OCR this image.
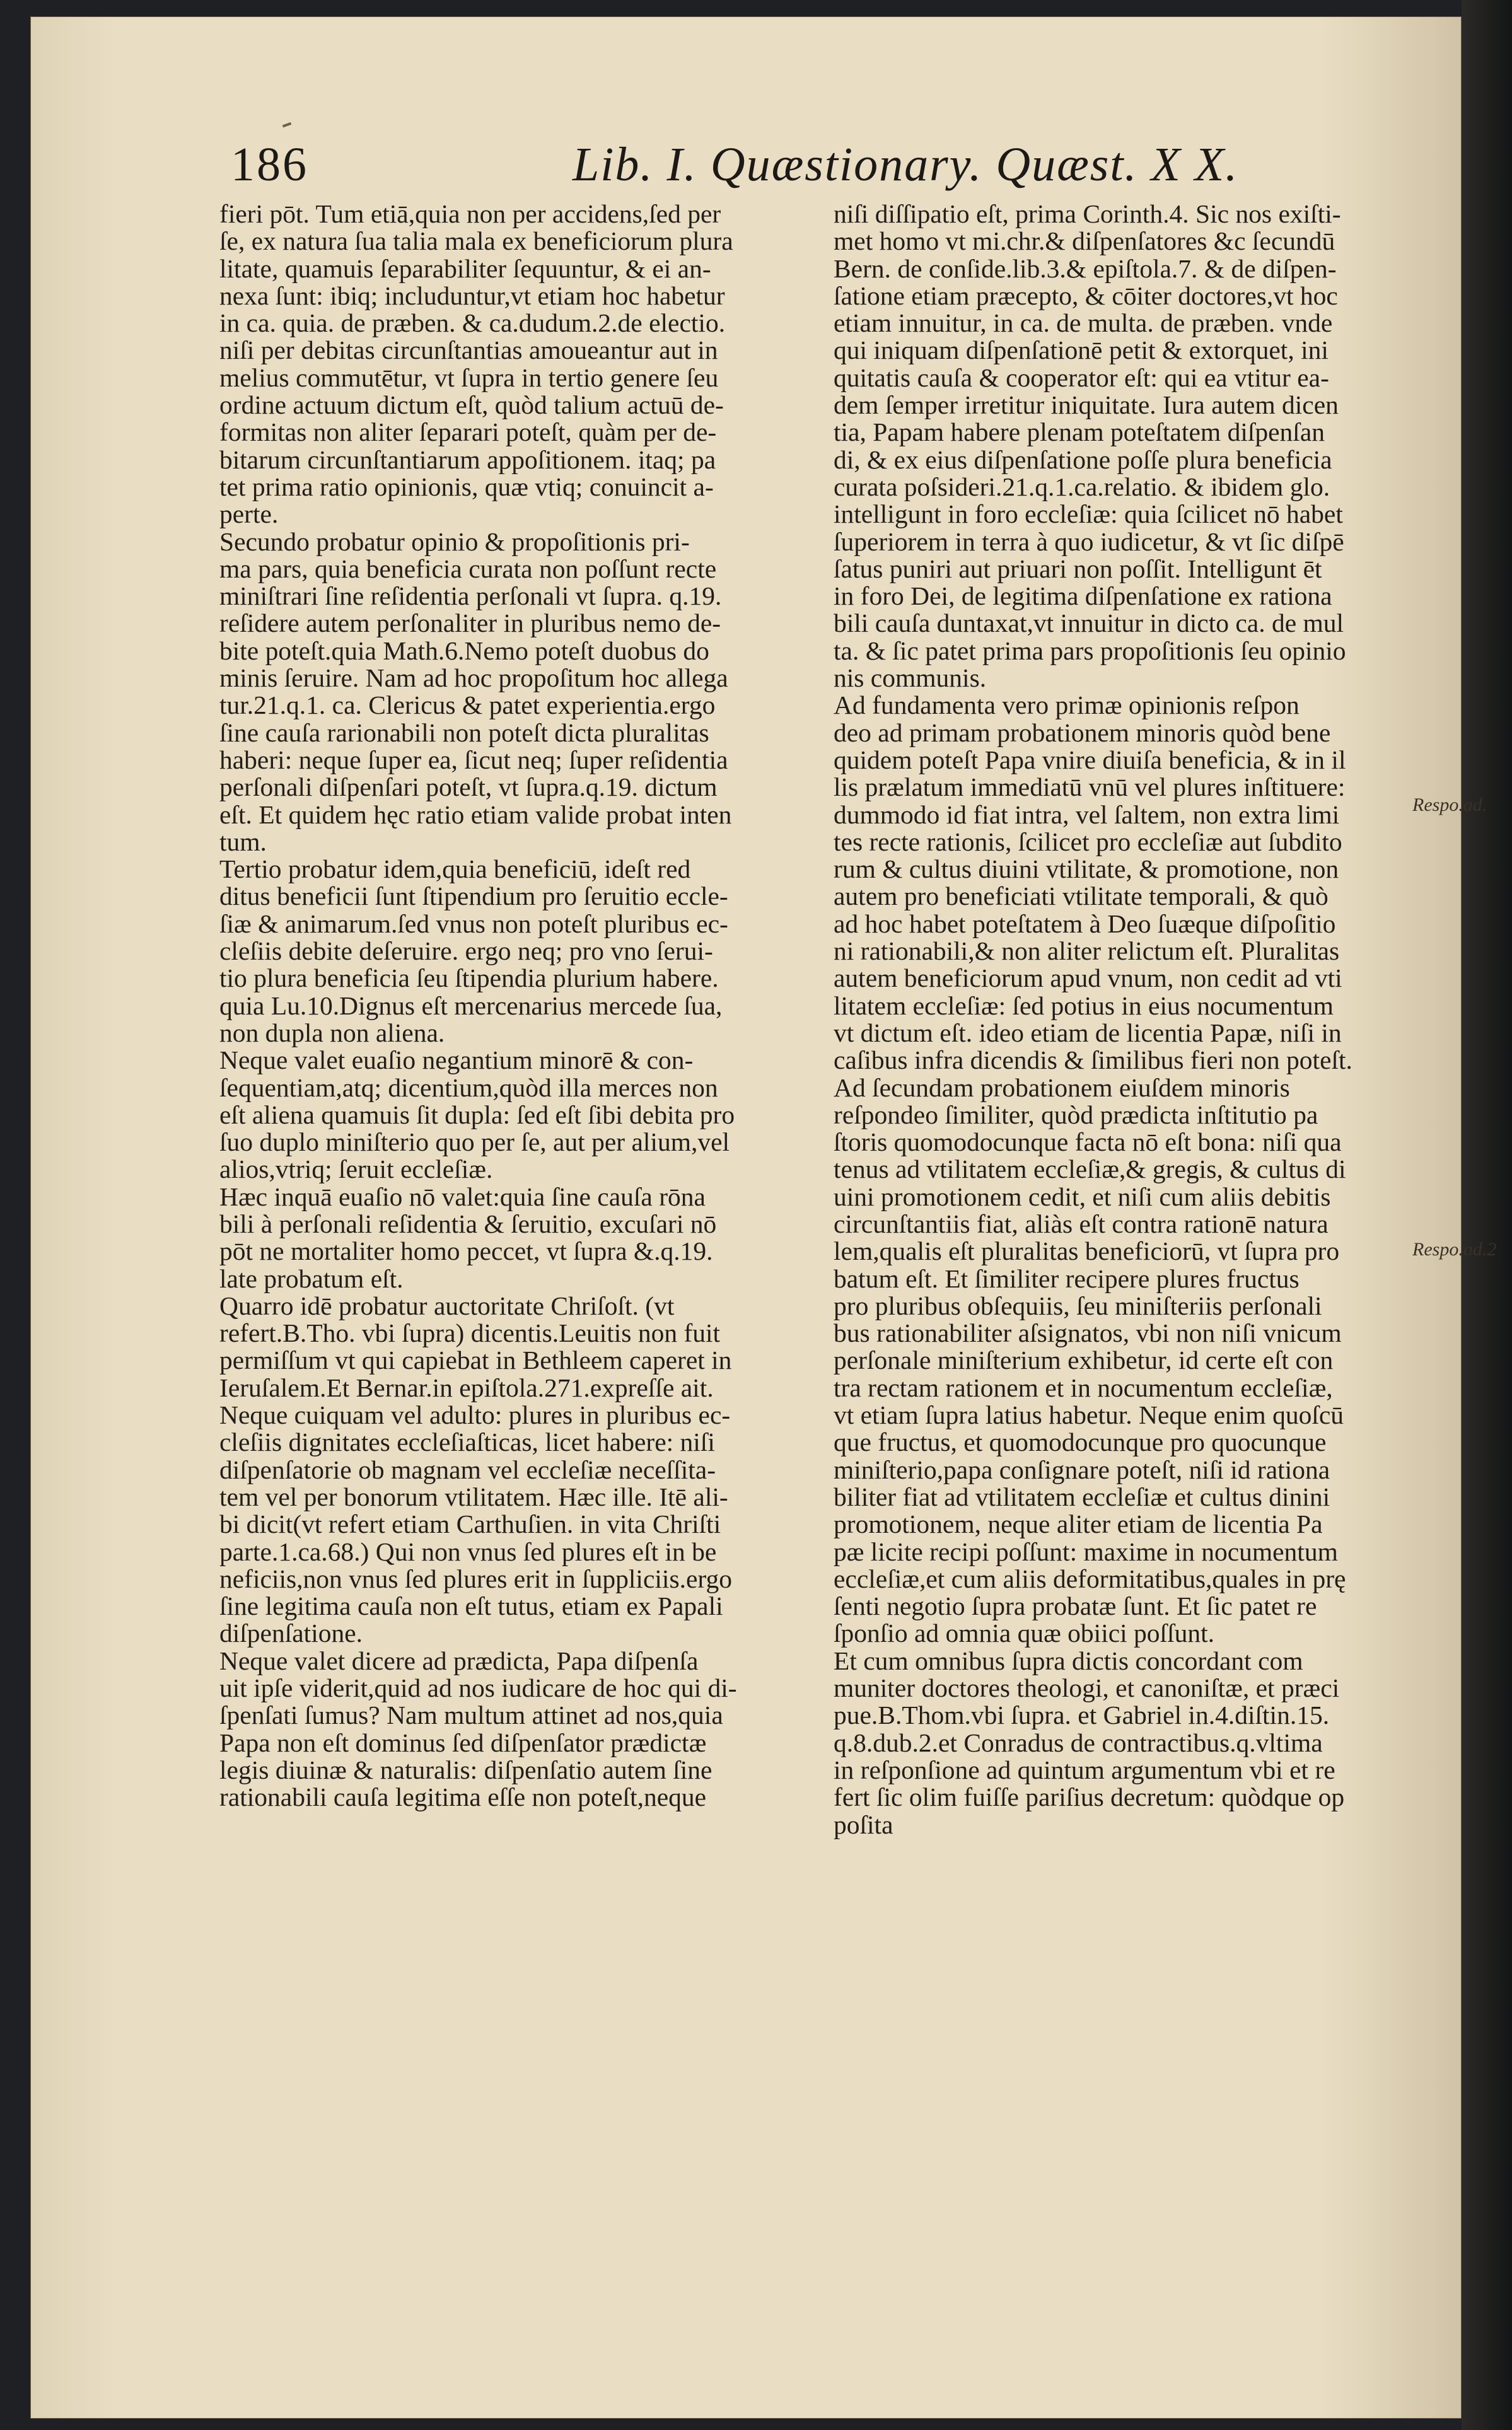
186	Lib. I. Quæstionary. Quæst. X X.
fieri pōt. Tum etiā,quia non per accidens,ſed per
ſe, ex natura ſua talia mala ex beneficiorum plura
litate, quamuis ſeparabiliter ſequuntur, & ei an-
nexa ſunt: ibiq; includuntur,vt etiam hoc habetur
in ca. quia. de præben. & ca.dudum.2.de electio.
niſi per debitas circunſtantias amoueantur aut in
melius commutētur, vt ſupra in tertio genere ſeu
ordine actuum dictum eſt, quòd talium actuū de-
formitas non aliter ſeparari poteſt, quàm per de-
bitarum circunſtantiarum appoſitionem. itaq; pa
tet prima ratio opinionis, quæ vtiq; conuincit a-
perte.
Secundo probatur opinio & propoſitionis pri-
ma pars, quia beneficia curata non poſſunt recte
miniſtrari ſine reſidentia perſonali vt ſupra. q.19.
reſidere autem perſonaliter in pluribus nemo de-
bite poteſt.quia Math.6.Nemo poteſt duobus do
minis ſeruire. Nam ad hoc propoſitum hoc allega
tur.21.q.1. ca. Clericus & patet experientia.ergo
ſine cauſa rarionabili non poteſt dicta pluralitas
haberi: neque ſuper ea, ſicut neq; ſuper reſidentia
perſonali diſpenſari poteſt, vt ſupra.q.19. dictum
eſt. Et quidem hęc ratio etiam valide probat inten
tum.
Tertio probatur idem,quia beneficiū, ideſt red
ditus beneficii ſunt ſtipendium pro ſeruitio eccle-
ſiæ & animarum.ſed vnus non poteſt pluribus ec-
cleſiis debite deſeruire. ergo neq; pro vno ſerui-
tio plura beneficia ſeu ſtipendia plurium habere.
quia Lu.10.Dignus eſt mercenarius mercede ſua,
non dupla non aliena.
Neque valet euaſio negantium minorē & con-
ſequentiam,atq; dicentium,quòd illa merces non
eſt aliena quamuis ſit dupla: ſed eſt ſibi debita pro
ſuo duplo miniſterio quo per ſe, aut per alium,vel
alios,vtriq; ſeruit eccleſiæ.
Hæc inquā euaſio nō valet:quia ſine cauſa rōna
bili à perſonali reſidentia & ſeruitio, excuſari nō
pōt ne mortaliter homo peccet, vt ſupra &.q.19.
late probatum eſt.
Quarro idē probatur auctoritate Chriſoſt. (vt
refert.B.Tho. vbi ſupra) dicentis.Leuitis non fuit
permiſſum vt qui capiebat in Bethleem caperet in
Ieruſalem.Et Bernar.in epiſtola.271.expreſſe ait.
Neque cuiquam vel adulto: plures in pluribus ec-
cleſiis dignitates eccleſiaſticas, licet habere: niſi
diſpenſatorie ob magnam vel eccleſiæ neceſſita-
tem vel per bonorum vtilitatem. Hæc ille. Itē ali-
bi dicit(vt refert etiam Carthuſien. in vita Chriſti
parte.1.ca.68.) Qui non vnus ſed plures eſt in be
neficiis,non vnus ſed plures erit in ſuppliciis.ergo
ſine legitima cauſa non eſt tutus, etiam ex Papali
diſpenſatione.
Neque valet dicere ad prædicta, Papa diſpenſa
uit ipſe viderit,quid ad nos iudicare de hoc qui di-
ſpenſati ſumus? Nam multum attinet ad nos,quia
Papa non eſt dominus ſed diſpenſator prædictæ
legis diuinæ & naturalis: diſpenſatio autem ſine
rationabili cauſa legitima eſſe non poteſt,neque
niſi diſſipatio eſt, prima Corinth.4. Sic nos exiſti-
met homo vt mi.chr.& diſpenſatores &c ſecundū
Bern. de conſide.lib.3.& epiſtola.7. & de diſpen-
ſatione etiam præcepto, & cōiter doctores,vt hoc
etiam innuitur, in ca. de multa. de præben. vnde
qui iniquam diſpenſationē petit & extorquet, ini
quitatis cauſa & cooperator eſt: qui ea vtitur ea-
dem ſemper irretitur iniquitate. Iura autem dicen
tia, Papam habere plenam poteſtatem diſpenſan
di, & ex eius diſpenſatione poſſe plura beneficia
curata poſsideri.21.q.1.ca.relatio. & ibidem glo.
intelligunt in foro eccleſiæ: quia ſcilicet nō habet
ſuperiorem in terra à quo iudicetur, & vt ſic diſpē
ſatus puniri aut priuari non poſſit. Intelligunt ēt
in foro Dei, de legitima diſpenſatione ex rationa
bili cauſa duntaxat,vt innuitur in dicto ca. de mul
ta. & ſic patet prima pars propoſitionis ſeu opinio
nis communis.
Ad fundamenta vero primæ opinionis reſpon
deo ad primam probationem minoris quòd bene
quidem poteſt Papa vnire diuiſa beneficia, & in il
lis prælatum immediatū vnū vel plures inſtituere:
dummodo id fiat intra, vel ſaltem, non extra limi
tes recte rationis, ſcilicet pro eccleſiæ aut ſubdito
rum & cultus diuini vtilitate, & promotione, non
autem pro beneficiati vtilitate temporali, & quò
ad hoc habet poteſtatem à Deo ſuæque diſpoſitio
ni rationabili,& non aliter relictum eſt. Pluralitas
autem beneficiorum apud vnum, non cedit ad vti
litatem eccleſiæ: ſed potius in eius nocumentum
vt dictum eſt. ideo etiam de licentia Papæ, niſi in
caſibus infra dicendis & ſimilibus fieri non poteſt.
Ad ſecundam probationem eiuſdem minoris
reſpondeo ſimiliter, quòd prædicta inſtitutio pa
ſtoris quomodocunque facta nō eſt bona: niſi qua
tenus ad vtilitatem eccleſiæ,& gregis, & cultus di
uini promotionem cedit, et niſi cum aliis debitis
circunſtantiis fiat, aliàs eſt contra rationē natura
lem,qualis eſt pluralitas beneficiorū, vt ſupra pro
batum eſt. Et ſimiliter recipere plures fructus
pro pluribus obſequiis, ſeu miniſteriis perſonali
bus rationabiliter aſsignatos, vbi non niſi vnicum
perſonale miniſterium exhibetur, id certe eſt con
tra rectam rationem et in nocumentum eccleſiæ,
vt etiam ſupra latius habetur. Neque enim quoſcū
que fructus, et quomodocunque pro quocunque
miniſterio,papa conſignare poteſt, niſi id rationa
biliter fiat ad vtilitatem eccleſiæ et cultus dinini
promotionem, neque aliter etiam de licentia Pa
pæ licite recipi poſſunt: maxime in nocumentum
eccleſiæ,et cum aliis deformitatibus,quales in prę
ſenti negotio ſupra probatæ ſunt. Et ſic patet re
ſponſio ad omnia quæ obiici poſſunt.
Et cum omnibus ſupra dictis concordant com
muniter doctores theologi, et canoniſtæ, et præci
pue.B.Thom.vbi ſupra. et Gabriel in.4.diſtin.15.
q.8.dub.2.et Conradus de contractibus.q.vltima
in reſponſione ad quintum argumentum vbi et re
fert ſic olim fuiſſe pariſius decretum: quòdque op
poſita
Respo.ad.
Respo.ad.2
